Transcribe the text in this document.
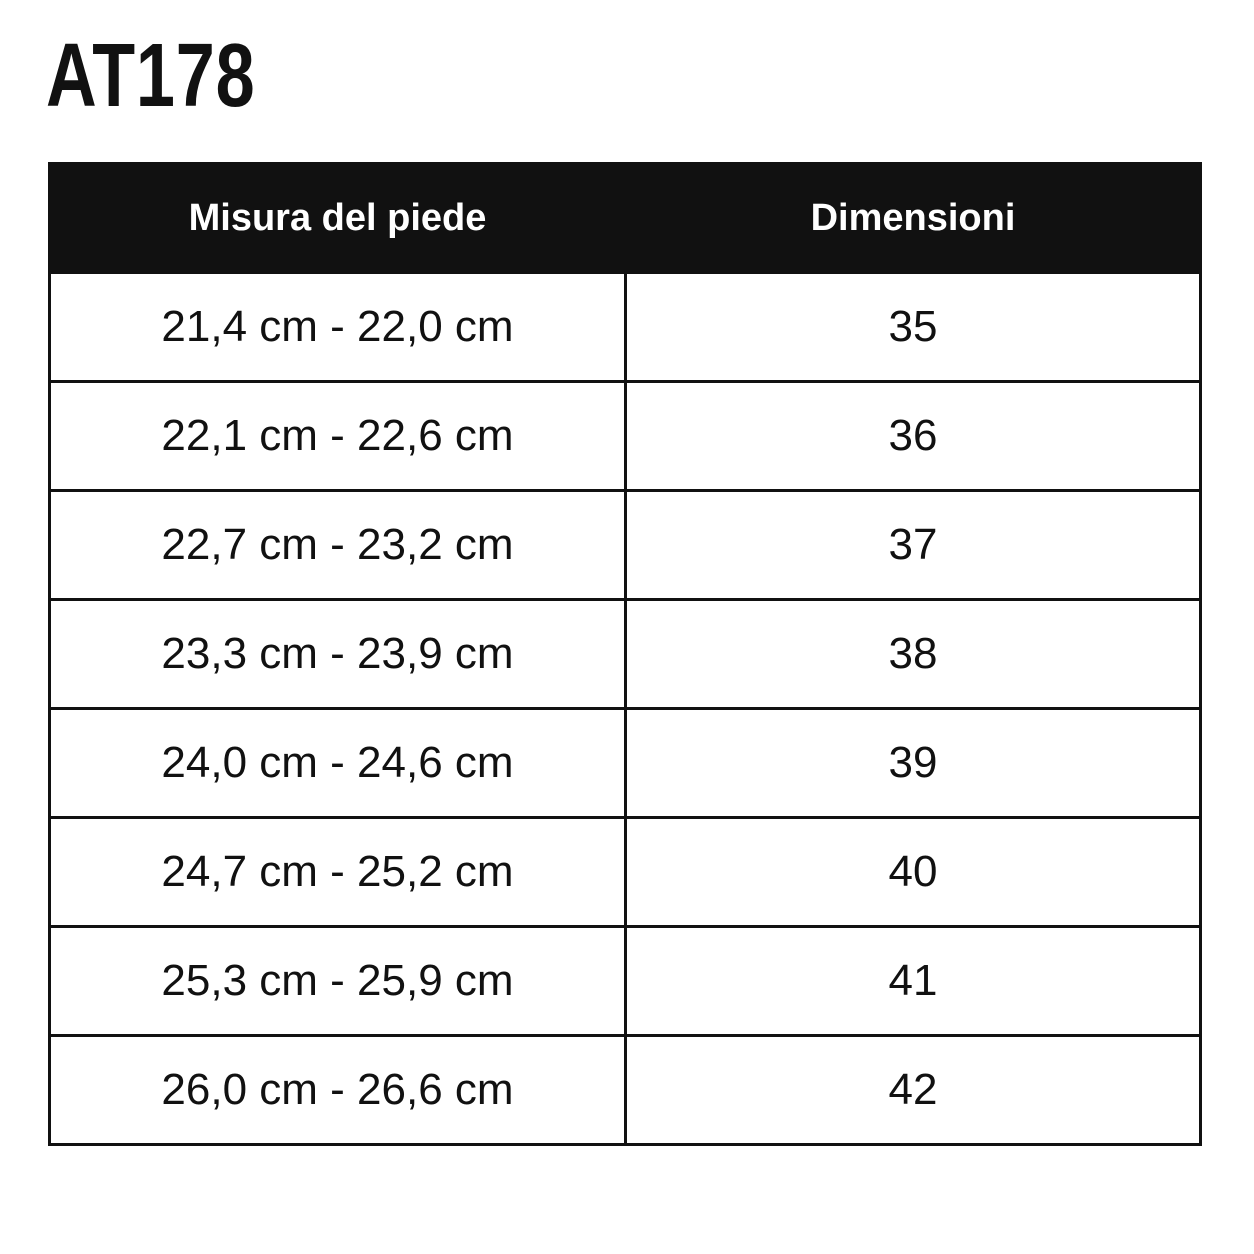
AT178
Misura del piede	Dimensioni
21,4 cm - 22,0 cm	35
22,1 cm - 22,6 cm	36
22,7 cm - 23,2 cm	37
23,3 cm - 23,9 cm	38
24,0 cm - 24,6 cm	39
24,7 cm - 25,2 cm	40
25,3 cm - 25,9 cm	41
26,0 cm - 26,6 cm	42
